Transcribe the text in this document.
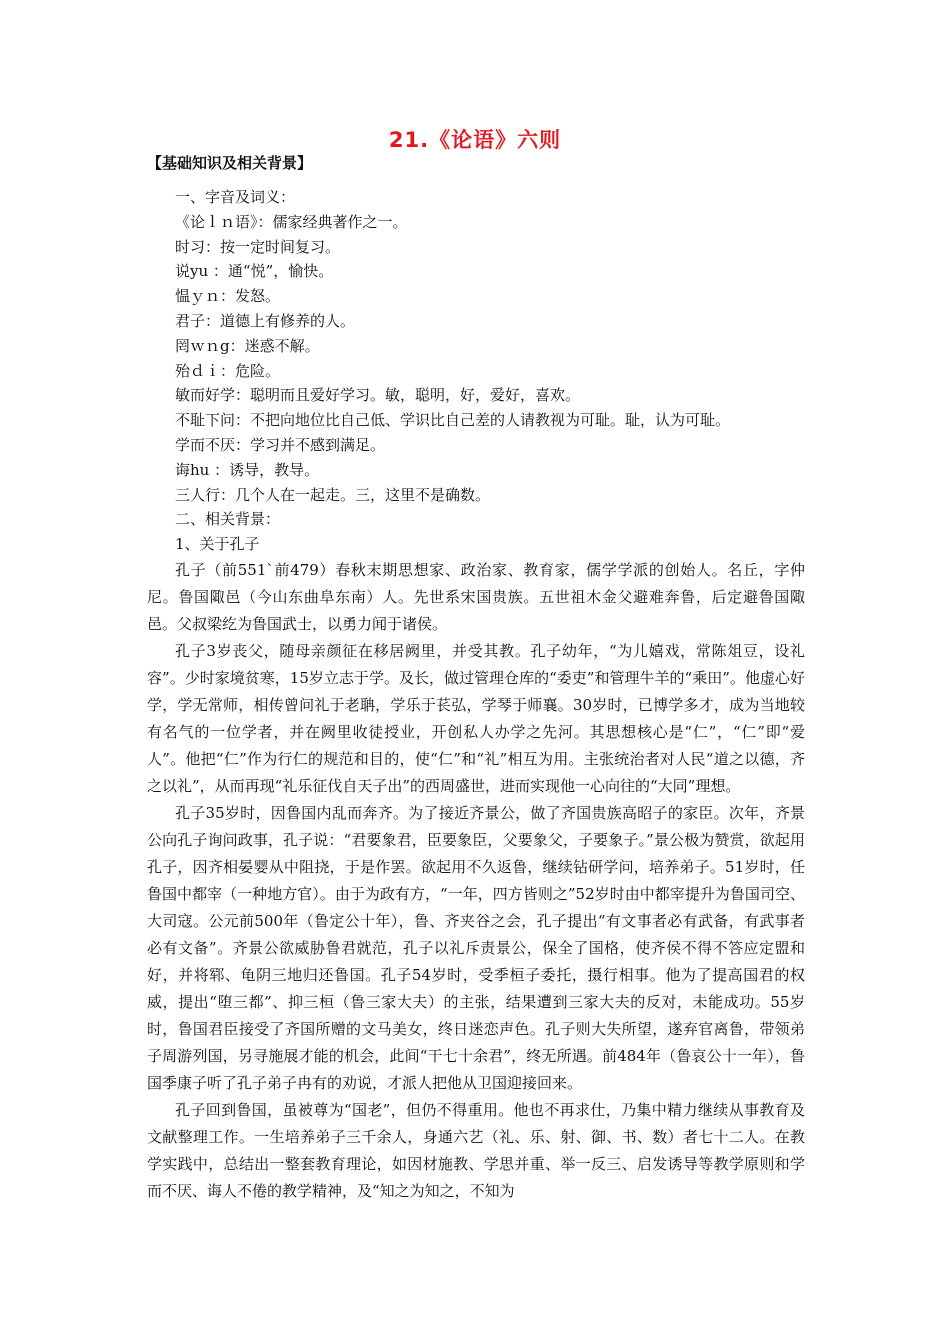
21.《论语》六则
【基础知识及相关背景】
一、字音及词义：
《论ｌｎ语》：儒家经典著作之一。
时习：按一定时间复习。
说yu ：通“悦”，愉快。
愠ｙｎ：发怒。
君子：道德上有修养的人。
罔ｗｎg：迷惑不解。
殆ｄｉ：危险。
敏而好学：聪明而且爱好学习。敏，聪明，好，爱好，喜欢。
不耻下问：不把向地位比自己低、学识比自己差的人请教视为可耻。耻，认为可耻。
学而不厌：学习并不感到满足。
诲hu ：诱导，教导。
三人行：几个人在一起走。三，这里不是确数。
二、相关背景：
1、关于孔子

孔子（前551`前479）春秋末期思想家、政治家、教育家，儒学学派的创始人。名丘，字仲尼。鲁国陬邑（今山东曲阜东南）人。先世系宋国贵族。五世祖木金父避难奔鲁，后定避鲁国陬邑。父叔梁纥为鲁国武士，以勇力闻于诸侯。

孔子3岁丧父，随母亲颜征在移居阙里，并受其教。孔子幼年，“为儿嬉戏，常陈俎豆，设礼容”。少时家境贫寒，15岁立志于学。及长，做过管理仓库的“委吏”和管理牛羊的“乘田”。他虚心好学，学无常师，相传曾问礼于老聃，学乐于苌弘，学琴于师襄。30岁时，已博学多才，成为当地较有名气的一位学者，并在阙里收徒授业，开创私人办学之先河。其思想核心是“仁”，“仁”即“爱人”。他把“仁”作为行仁的规范和目的，使“仁”和“礼”相互为用。主张统治者对人民“道之以德，齐之以礼”，从而再现“礼乐征伐自天子出”的西周盛世，进而实现他一心向往的“大同”理想。

孔子35岁时，因鲁国内乱而奔齐。为了接近齐景公，做了齐国贵族高昭子的家臣。次年，齐景公向孔子询问政事，孔子说：“君要象君，臣要象臣，父要象父，子要象子。”景公极为赞赏，欲起用孔子，因齐相晏婴从中阻挠，于是作罢。欲起用不久返鲁，继续钻研学问，培养弟子。51岁时，任鲁国中都宰（一种地方官）。由于为政有方，“一年，四方皆则之”52岁时由中都宰提升为鲁国司空、大司寇。公元前500年（鲁定公十年），鲁、齐夹谷之会，孔子提出“有文事者必有武备，有武事者必有文备”。齐景公欲威胁鲁君就范，孔子以礼斥责景公，保全了国格，使齐侯不得不答应定盟和好，并将郓、龟阴三地归还鲁国。孔子54岁时，受季桓子委托，摄行相事。他为了提高国君的权威，提出“堕三都”、抑三桓（鲁三家大夫）的主张，结果遭到三家大夫的反对，未能成功。55岁时，鲁国君臣接受了齐国所赠的文马美女，终日迷恋声色。孔子则大失所望，遂弃官离鲁，带领弟子周游列国，另寻施展才能的机会，此间“干七十余君”，终无所遇。前484年（鲁哀公十一年），鲁国季康子听了孔子弟子冉有的劝说，才派人把他从卫国迎接回来。

孔子回到鲁国，虽被尊为“国老”，但仍不得重用。他也不再求仕，乃集中精力继续从事教育及文献整理工作。一生培养弟子三千余人，身通六艺（礼、乐、射、御、书、数）者七十二人。在教学实践中，总结出一整套教育理论，如因材施教、学思并重、举一反三、启发诱导等教学原则和学而不厌、诲人不倦的教学精神，及“知之为知之，不知为
